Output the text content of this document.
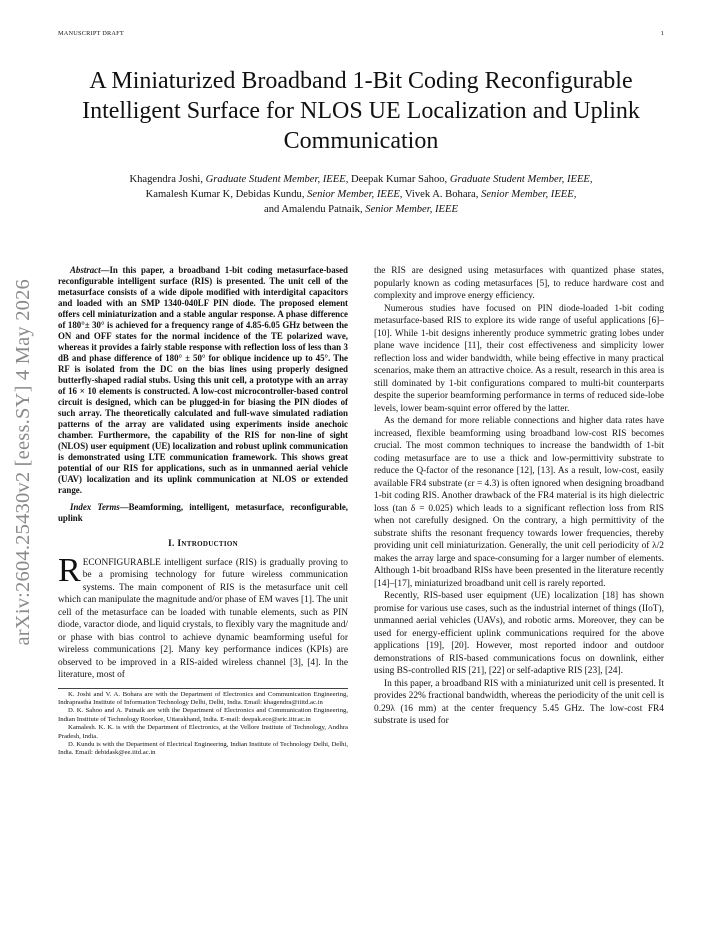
MANUSCRIPT DRAFT	1
arXiv:2604.25430v2 [eess.SY] 4 May 2026
A Miniaturized Broadband 1-Bit Coding Reconfigurable Intelligent Surface for NLOS UE Localization and Uplink Communication
Khagendra Joshi, Graduate Student Member, IEEE, Deepak Kumar Sahoo, Graduate Student Member, IEEE,
Kamalesh Kumar K, Debidas Kundu, Senior Member, IEEE, Vivek A. Bohara, Senior Member, IEEE,
and Amalendu Patnaik, Senior Member, IEEE

Abstract—In this paper, a broadband 1-bit coding metasurface-based reconfigurable intelligent surface (RIS) is presented. The unit cell of the metasurface consists of a wide dipole modified with interdigital capacitors and loaded with an SMP 1340-040LF PIN diode. The proposed element offers cell miniaturization and a stable angular response. A phase difference of 180°± 30° is achieved for a frequency range of 4.85-6.05 GHz between the ON and OFF states for the normal incidence of the TE polarized wave, whereas it provides a fairly stable response with reflection loss of less than 3 dB and phase difference of 180° ± 50° for oblique incidence up to 45°. The RF is isolated from the DC on the bias lines using properly designed butterfly-shaped radial stubs. Using this unit cell, a prototype with an array of 16 × 10 elements is constructed. A low-cost microcontroller-based control circuit is designed, which can be plugged-in for biasing the PIN diodes of such array. The theoretically calculated and full-wave simulated radiation patterns of the array are validated using experiments inside anechoic chamber. Furthermore, the capability of the RIS for non-line of sight (NLOS) user equipment (UE) localization and robust uplink communication is demonstrated using LTE communication framework. This shows great potential of our RIS for applications, such as in unmanned aerial vehicle (UAV) localization and its uplink communication at NLOS or extended range.

Index Terms—Beamforming, intelligent, metasurface, reconfigurable, uplink

I. Introduction

RECONFIGURABLE intelligent surface (RIS) is gradually proving to be a promising technology for future wireless communication systems. The main component of RIS is the metasurface unit cell which can manipulate the magnitude and/or phase of EM waves [1]. The unit cell of the metasurface can be loaded with tunable elements, such as PIN diode, varactor diode, and liquid crystals, to flexibly vary the magnitude and/ or phase with bias control to achieve dynamic beamforming useful for wireless communications [2]. Many key performance indices (KPIs) are observed to be improved in a RIS-aided wireless channel [3], [4]. In the literature, most of

K. Joshi and V. A. Bohara are with the Department of Electronics and Communication Engineering, Indraprastha Institute of Information Technology Delhi, Delhi, India. Email: khagendra@iiitd.ac.in

D. K. Sahoo and A. Patnaik are with the Department of Electronics and Communication Engineering, Indian Institute of Technology Roorkee, Uttarakhand, India. E-mail: deepak.ece@sric.iitr.ac.in

Kamalesh. K. K. is with the Department of Electronics, at the Vellore Institute of Technology, Andhra Pradesh, India.

D. Kundu is with the Department of Electrical Engineering, Indian Institute of Technology Delhi, Delhi, India. Email: debidask@ee.iitd.ac.in

the RIS are designed using metasurfaces with quantized phase states, popularly known as coding metasurfaces [5], to reduce hardware cost and complexity and improve energy efficiency.

Numerous studies have focused on PIN diode-loaded 1-bit coding metasurface-based RIS to explore its wide range of useful applications [6]–[10]. While 1-bit designs inherently produce symmetric grating lobes under plane wave incidence [11], their cost effectiveness and simplicity lower reflection loss and wider bandwidth, while being effective in many practical scenarios, make them an attractive choice. As a result, research in this area is still dominated by 1-bit configurations compared to multi-bit counterparts despite the superior beamforming performance in terms of reduced side-lobe levels, lower beam-squint error offered by the latter.

As the demand for more reliable connections and higher data rates have increased, flexible beamforming using broadband low-cost RIS becomes crucial. The most common techniques to increase the bandwidth of 1-bit coding metasurface are to use a thick and low-permittivity substrate to reduce the Q-factor of the resonance [12], [13]. As a result, low-cost, easily available FR4 substrate (εr = 4.3) is often ignored when designing broadband 1-bit coding RIS. Another drawback of the FR4 material is its high dielectric loss (tan δ = 0.025) which leads to a significant reflection loss from RIS when not carefully designed. On the contrary, a high permittivity of the substrate shifts the resonant frequency towards lower frequencies, thereby providing unit cell miniaturization. Generally, the unit cell periodicity of λ/2 makes the array large and space-consuming for a larger number of elements. Although 1-bit broadband RISs have been presented in the literature recently [14]–[17], miniaturized broadband unit cell is rarely reported.

Recently, RIS-based user equipment (UE) localization [18] has shown promise for various use cases, such as the industrial internet of things (IIoT), unmanned aerial vehicles (UAVs), and robotic arms. Moreover, they can be used for energy-efficient uplink communications required for the above applications [19], [20]. However, most reported indoor and outdoor demonstrations of RIS-based communications focus on downlink, either using BS-controlled RIS [21], [22] or self-adaptive RIS [23], [24].

In this paper, a broadband RIS with a miniaturized unit cell is presented. It provides 22% fractional bandwidth, whereas the periodicity of the unit cell is 0.29λ (16 mm) at the center frequency 5.45 GHz. The low-cost FR4 substrate is used for
